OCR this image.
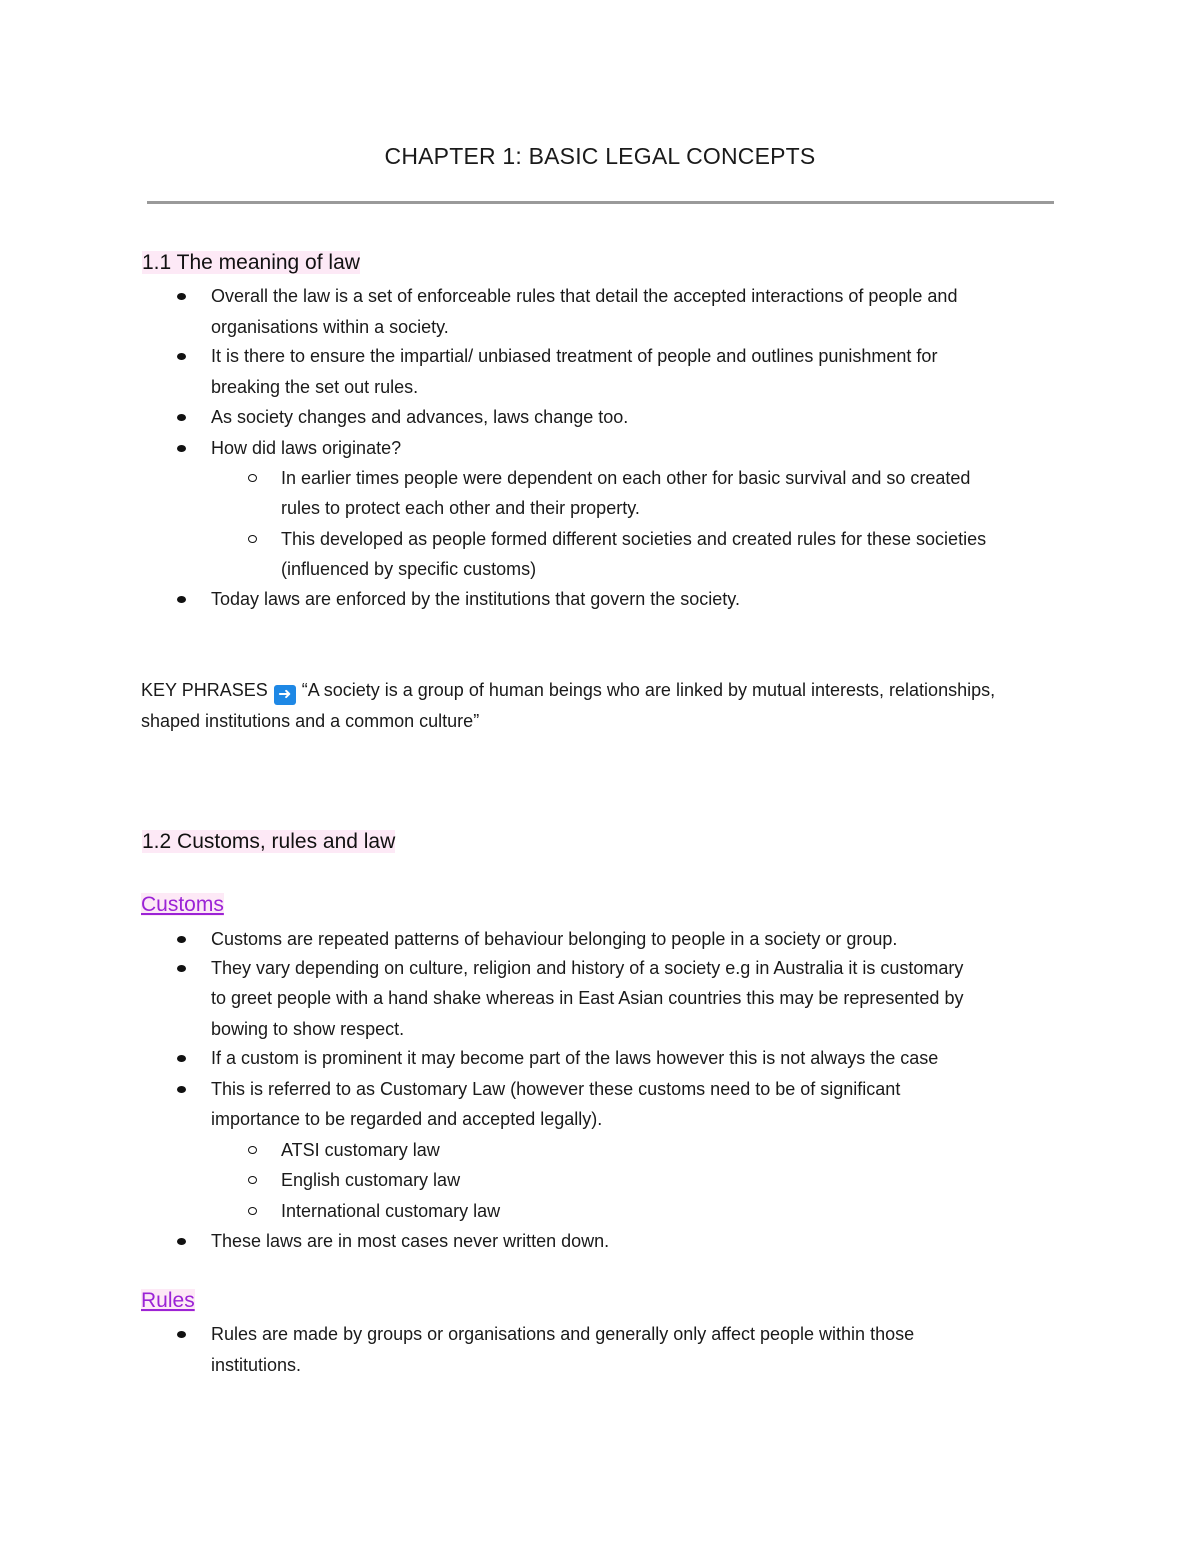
CHAPTER 1: BASIC LEGAL CONCEPTS
1.1 The meaning of law
Overall the law is a set of enforceable rules that detail the accepted interactions of people and
organisations within a society.
It is there to ensure the impartial/ unbiased treatment of people and outlines punishment for
breaking the set out rules.
As society changes and advances, laws change too.
How did laws originate?
In earlier times people were dependent on each other for basic survival and so created
rules to protect each other and their property.
This developed as people formed different societies and created rules for these societies
(influenced by specific customs)
Today laws are enforced by the institutions that govern the society.
KEY PHRASES ➜ “A society is a group of human beings who are linked by mutual interests, relationships,
shaped institutions and a common culture”
1.2 Customs, rules and law
Customs
Customs are repeated patterns of behaviour belonging to people in a society or group.
They vary depending on culture, religion and history of a society e.g in Australia it is customary
to greet people with a hand shake whereas in East Asian countries this may be represented by
bowing to show respect.
If a custom is prominent it may become part of the laws however this is not always the case
This is referred to as Customary Law (however these customs need to be of significant
importance to be regarded and accepted legally).
ATSI customary law
English customary law
International customary law
These laws are in most cases never written down.
Rules
Rules are made by groups or organisations and generally only affect people within those
institutions.
